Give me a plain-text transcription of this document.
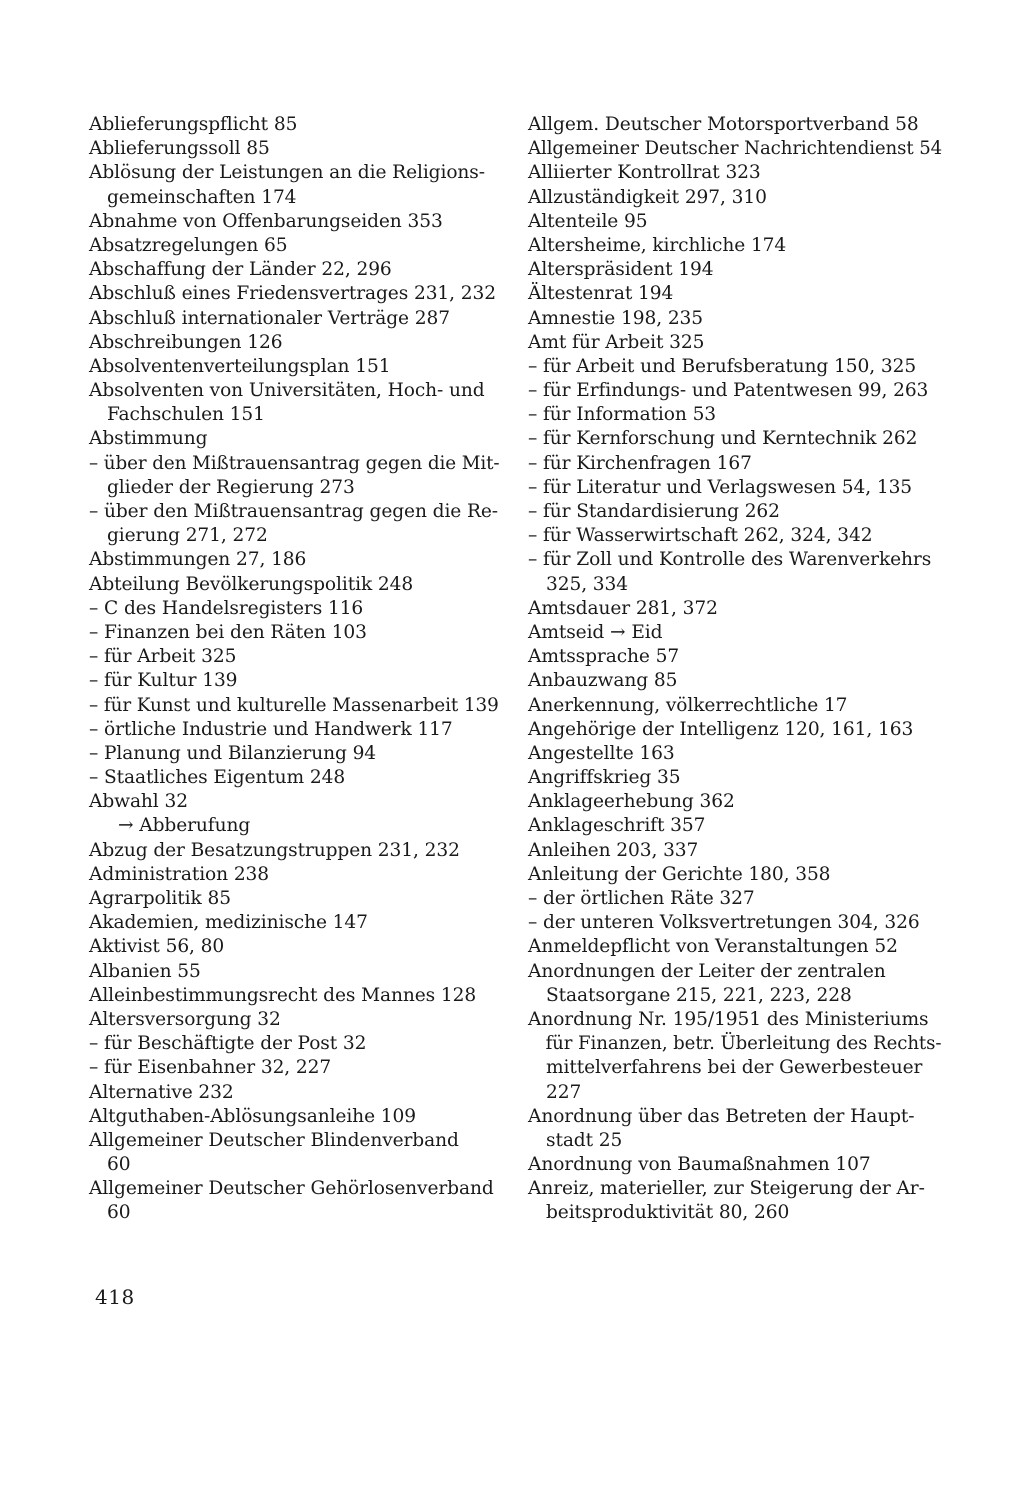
Ablieferungspflicht 85
Ablieferungssoll 85
Ablösung der Leistungen an die Religions-
gemeinschaften 174
Abnahme von Offenbarungseiden 353
Absatzregelungen 65
Abschaffung der Länder 22, 296
Abschluß eines Friedensvertrages 231, 232
Abschluß internationaler Verträge 287
Abschreibungen 126
Absolventenverteilungsplan 151
Absolventen von Universitäten, Hoch- und
Fachschulen 151
Abstimmung
– über den Mißtrauensantrag gegen die Mit-
glieder der Regierung 273
– über den Mißtrauensantrag gegen die Re-
gierung 271, 272
Abstimmungen 27, 186
Abteilung Bevölkerungspolitik 248
– C des Handelsregisters 116
– Finanzen bei den Räten 103
– für Arbeit 325
– für Kultur 139
– für Kunst und kulturelle Massenarbeit 139
– örtliche Industrie und Handwerk 117
– Planung und Bilanzierung 94
– Staatliches Eigentum 248
Abwahl 32
→ Abberufung
Abzug der Besatzungstruppen 231, 232
Administration 238
Agrarpolitik 85
Akademien, medizinische 147
Aktivist 56, 80
Albanien 55
Alleinbestimmungsrecht des Mannes 128
Altersversorgung 32
– für Beschäftigte der Post 32
– für Eisenbahner 32, 227
Alternative 232
Altguthaben-Ablösungsanleihe 109
Allgemeiner Deutscher Blindenverband
60
Allgemeiner Deutscher Gehörlosenverband
60
Allgem. Deutscher Motorsportverband 58
Allgemeiner Deutscher Nachrichtendienst 54
Alliierter Kontrollrat 323
Allzuständigkeit 297, 310
Altenteile 95
Altersheime, kirchliche 174
Alterspräsident 194
Ältestenrat 194
Amnestie 198, 235
Amt für Arbeit 325
– für Arbeit und Berufsberatung 150, 325
– für Erfindungs- und Patentwesen 99, 263
– für Information 53
– für Kernforschung und Kerntechnik 262
– für Kirchenfragen 167
– für Literatur und Verlagswesen 54, 135
– für Standardisierung 262
– für Wasserwirtschaft 262, 324, 342
– für Zoll und Kontrolle des Warenverkehrs
325, 334
Amtsdauer 281, 372
Amtseid → Eid
Amtssprache 57
Anbauzwang 85
Anerkennung, völkerrechtliche 17
Angehörige der Intelligenz 120, 161, 163
Angestellte 163
Angriffskrieg 35
Anklageerhebung 362
Anklageschrift 357
Anleihen 203, 337
Anleitung der Gerichte 180, 358
– der örtlichen Räte 327
– der unteren Volksvertretungen 304, 326
Anmeldepflicht von Veranstaltungen 52
Anordnungen der Leiter der zentralen
Staatsorgane 215, 221, 223, 228
Anordnung Nr. 195/1951 des Ministeriums
für Finanzen, betr. Überleitung des Rechts-
mittelverfahrens bei der Gewerbesteuer
227
Anordnung über das Betreten der Haupt-
stadt 25
Anordnung von Baumaßnahmen 107
Anreiz, materieller, zur Steigerung der Ar-
beitsproduktivität 80, 260
418
